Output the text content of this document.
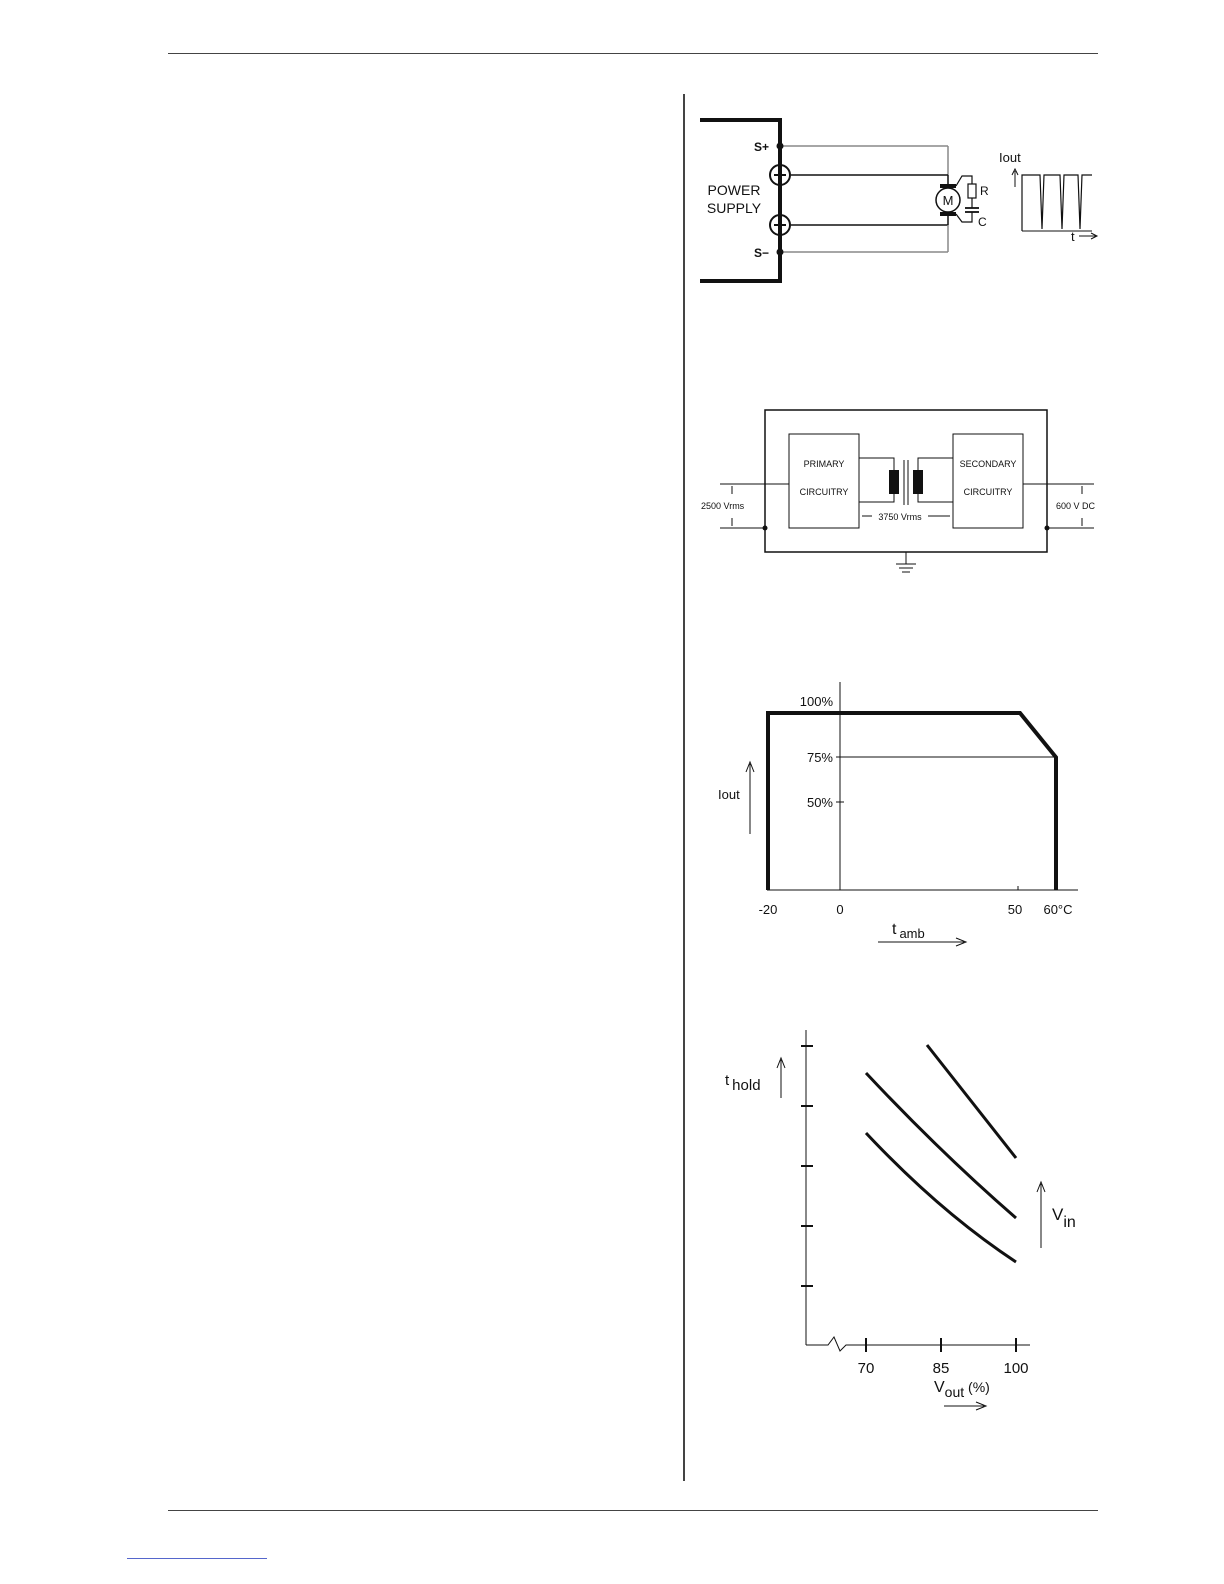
S+
S−
POWER
SUPPLY	M
R
C
Iout
t
PRIMARY
CIRCUITRY
SECONDARY
CIRCUITRY
2500 Vrms
3750 Vrms
600 V DC
100%
75%
50%
-20	0	50 60°C
Iout
t $_{amb}$
70	85	100
t hold
Vout (%)
Vin
